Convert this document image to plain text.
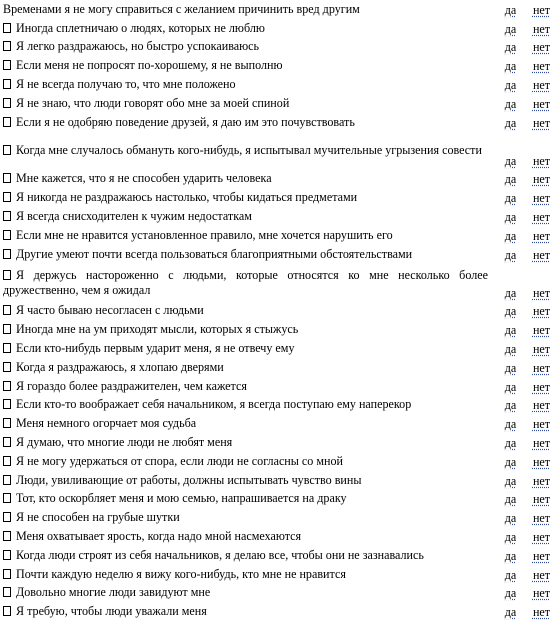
Временами я не могу справиться с желанием причинить вред другим	да	нет
Иногда сплетничаю о людях, которых не люблю	да	нет
Я легко раздражаюсь, но быстро успокаиваюсь	да	нет
Если меня не попросят по-хорошему, я не выполню	да	нет
Я не всегда получаю то, что мне положено	да	нет
Я не знаю, что люди говорят обо мне за моей спиной	да	нет
Если я не одобряю поведение друзей, я даю им это почувствовать	да	нет
Когда мне случалось обмануть кого-нибудь, я испытывал мучительные угрызения совести	да	нет
Мне кажется, что я не способен ударить человека	да	нет
Я никогда не раздражаюсь настолько, чтобы кидаться предметами	да	нет
Я всегда снисходителен к чужим недостаткам	да	нет
Если мне не нравится установленное правило, мне хочется нарушить его	да	нет
Другие умеют почти всегда пользоваться благоприятными обстоятельствами	да	нет
Я держусь настороженно с людьми, которые относятся ко мне несколько более дружественно, чем я ожидал	да	нет
Я часто бываю несогласен с людьми	да	нет
Иногда мне на ум приходят мысли, которых я стыжусь	да	нет
Если кто-нибудь первым ударит меня, я не отвечу ему	да	нет
Когда я раздражаюсь, я хлопаю дверями	да	нет
Я гораздо более раздражителен, чем кажется	да	нет
Если кто-то воображает себя начальником, я всегда поступаю ему наперекор	да	нет
Меня немного огорчает моя судьба	да	нет
Я думаю, что многие люди не любят меня	да	нет
Я не могу удержаться от спора, если люди не согласны со мной	да	нет
Люди, увиливающие от работы, должны испытывать чувство вины	да	нет
Тот, кто оскорбляет меня и мою семью, напрашивается на драку	да	нет
Я не способен на грубые шутки	да	нет
Меня охватывает ярость, когда надо мной насмехаются	да	нет
Когда люди строят из себя начальников, я делаю все, чтобы они не зазнавались	да	нет
Почти каждую неделю я вижу кого-нибудь, кто мне не нравится	да	нет
Довольно многие люди завидуют мне	да	нет
Я требую, чтобы люди уважали меня	да	нет
